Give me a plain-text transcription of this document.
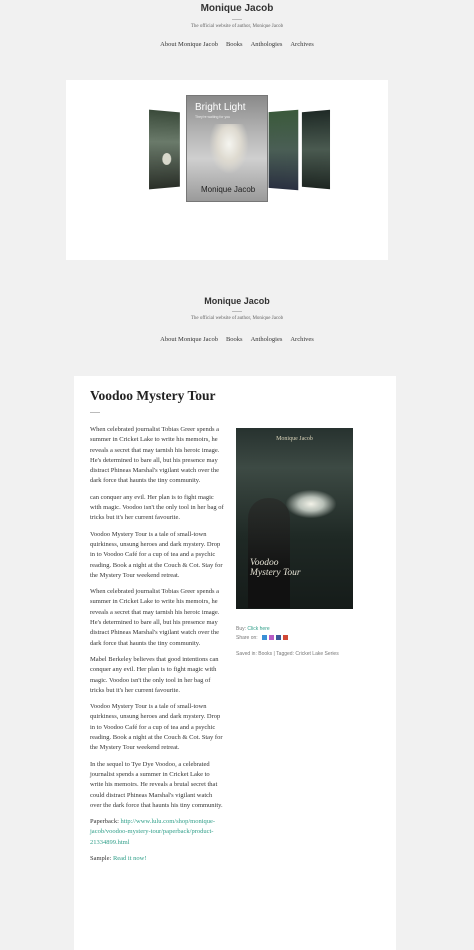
Monique Jacob
The official website of author, Monique Jacob
About Monique Jacob Books Anthologies Archives
Bright Light
They're waiting for you
Monique Jacob
Monique Jacob
The official website of author, Monique Jacob
About Monique Jacob Books Anthologies Archives
Voodoo Mystery Tour

When celebrated journalist Tobias Greer spends a summer in Cricket Lake to write his memoirs, he reveals a secret that may tarnish his heroic image. He's determined to bare all, but his presence may distract Phineas Marshal's vigilant watch over the dark force that haunts the tiny community.

can conquer any evil. Her plan is to fight magic with magic. Voodoo isn't the only tool in her bag of tricks but it's her current favourite.

Voodoo Mystery Tour is a tale of small-town quirkiness, unsung heroes and dark mystery. Drop in to Voodoo Café for a cup of tea and a psychic reading. Book a night at the Couch & Cot. Stay for the Mystery Tour weekend retreat.

When celebrated journalist Tobias Greer spends a summer in Cricket Lake to write his memoirs, he reveals a secret that may tarnish his heroic image. He's determined to bare all, but his presence may distract Phineas Marshal's vigilant watch over the dark force that haunts the tiny community.

Mabel Berkeley believes that good intentions can conquer any evil. Her plan is to fight magic with magic. Voodoo isn't the only tool in her bag of tricks but it's her current favourite.

Voodoo Mystery Tour is a tale of small-town quirkiness, unsung heroes and dark mystery. Drop in to Voodoo Café for a cup of tea and a psychic reading. Book a night at the Couch & Cot. Stay for the Mystery Tour weekend retreat.

In the sequel to Tye Dye Voodoo, a celebrated journalist spends a summer in Cricket Lake to write his memoirs. He reveals a brutal secret that could distract Phineas Marshal's vigilant watch over the dark force that haunts his tiny community.

Paperback: http://www.lulu.com/shop/monique-jacob/voodoo-mystery-tour/paperback/product-21334899.html

Sample: Read it now!

Monique Jacob
Voodoo Mystery Tour
Buy: Click here
Share on:
Saved in: Books | Tagged: Cricket Lake Series
